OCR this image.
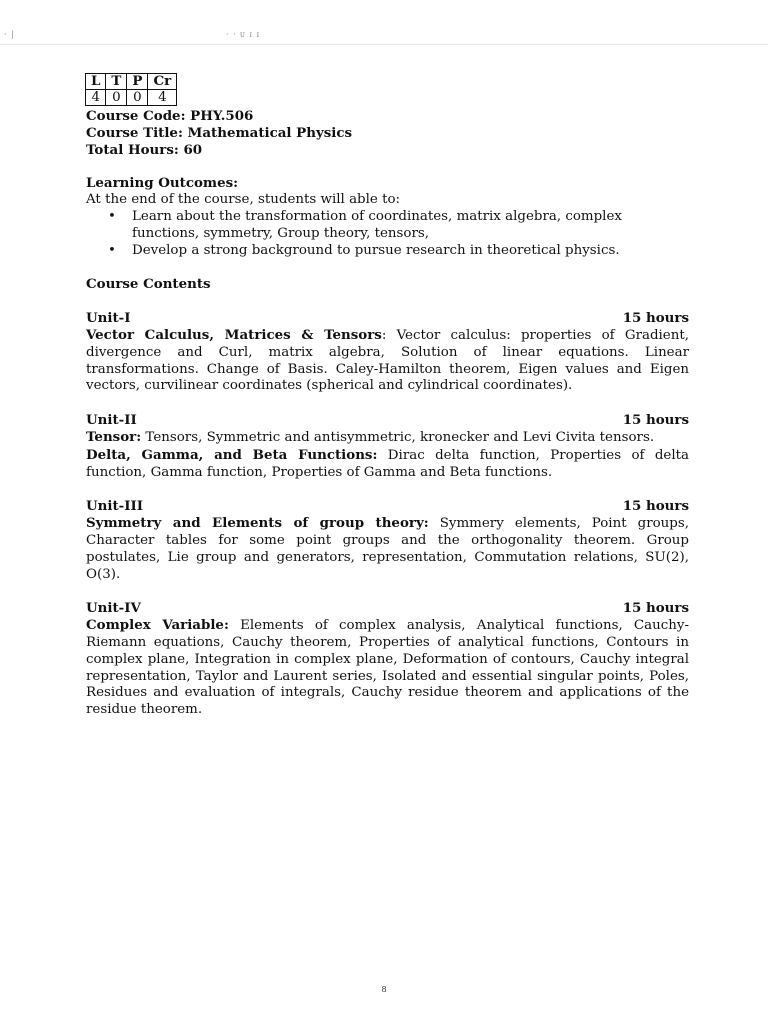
· |	· · ᴜ ɪ ɪ
L	T	P	Cr
4	0	0	4
Course Code: PHY.506
Course Title: Mathematical Physics
Total Hours: 60
Learning Outcomes:
At the end of the course, students will able to:
• Learn about the transformation of coordinates, matrix algebra, complex functions, symmetry, Group theory, tensors,
• Develop a strong background to pursue research in theoretical physics.
Course Contents
Unit-I	15 hours
Vector Calculus, Matrices & Tensors: Vector calculus: properties of Gradient, divergence and Curl, matrix algebra, Solution of linear equations. Linear transformations. Change of Basis. Caley-Hamilton theorem, Eigen values and Eigen vectors, curvilinear coordinates (spherical and cylindrical coordinates).
Unit-II	15 hours
Tensor: Tensors, Symmetric and antisymmetric, kronecker and Levi Civita tensors.
Delta, Gamma, and Beta Functions: Dirac delta function, Properties of delta function, Gamma function, Properties of Gamma and Beta functions.
Unit-III	15 hours
Symmetry and Elements of group theory: Symmery elements, Point groups, Character tables for some point groups and the orthogonality theorem. Group postulates, Lie group and generators, representation, Commutation relations, SU(2), O(3).
Unit-IV	15 hours
Complex Variable: Elements of complex analysis, Analytical functions, Cauchy-Riemann equations, Cauchy theorem, Properties of analytical functions, Contours in complex plane, Integration in complex plane, Deformation of contours, Cauchy integral representation, Taylor and Laurent series, Isolated and essential singular points, Poles, Residues and evaluation of integrals, Cauchy residue theorem and applications of the residue theorem.
8
